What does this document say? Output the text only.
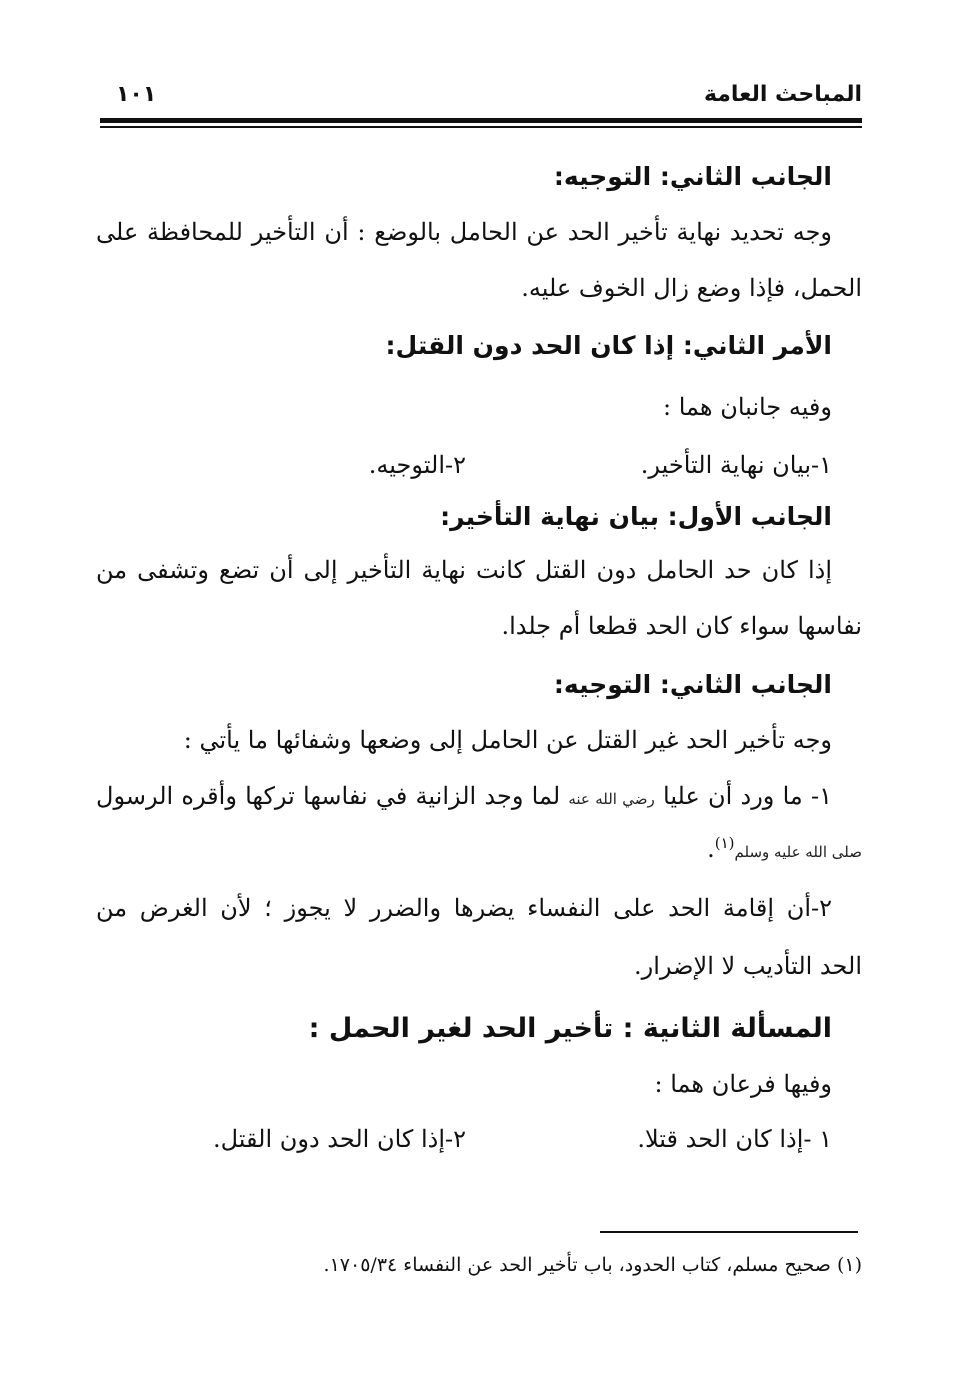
المباحث العامة
١٠١
الجانب الثاني: التوجيه:
وجه تحديد نهاية تأخير الحد عن الحامل بالوضع : أن التأخير للمحافظة على
الحمل، فإذا وضع زال الخوف عليه.
الأمر الثاني: إذا كان الحد دون القتل:
وفيه جانبان هما :
١-بيان نهاية التأخير.
٢-التوجيه.
الجانب الأول: بيان نهاية التأخير:
إذا كان حد الحامل دون القتل كانت نهاية التأخير إلى أن تضع وتشفى من
نفاسها سواء كان الحد قطعا أم جلدا.
الجانب الثاني: التوجيه:
وجه تأخير الحد غير القتل عن الحامل إلى وضعها وشفائها ما يأتي :
١- ما ورد أن عليا رضي الله عنه لما وجد الزانية في نفاسها تركها وأقره الرسول
صلى الله عليه وسلم$^{(١)}$.
٢-أن إقامة الحد على النفساء يضرها والضرر لا يجوز ؛ لأن الغرض من
الحد التأديب لا الإضرار.
المسألة الثانية : تأخير الحد لغير الحمل :
وفيها فرعان هما :
١ -إذا كان الحد قتلا.
٢-إذا كان الحد دون القتل.
(١) صحيح مسلم، كتاب الحدود، باب تأخير الحد عن النفساء ١٧٠٥/٣٤.
